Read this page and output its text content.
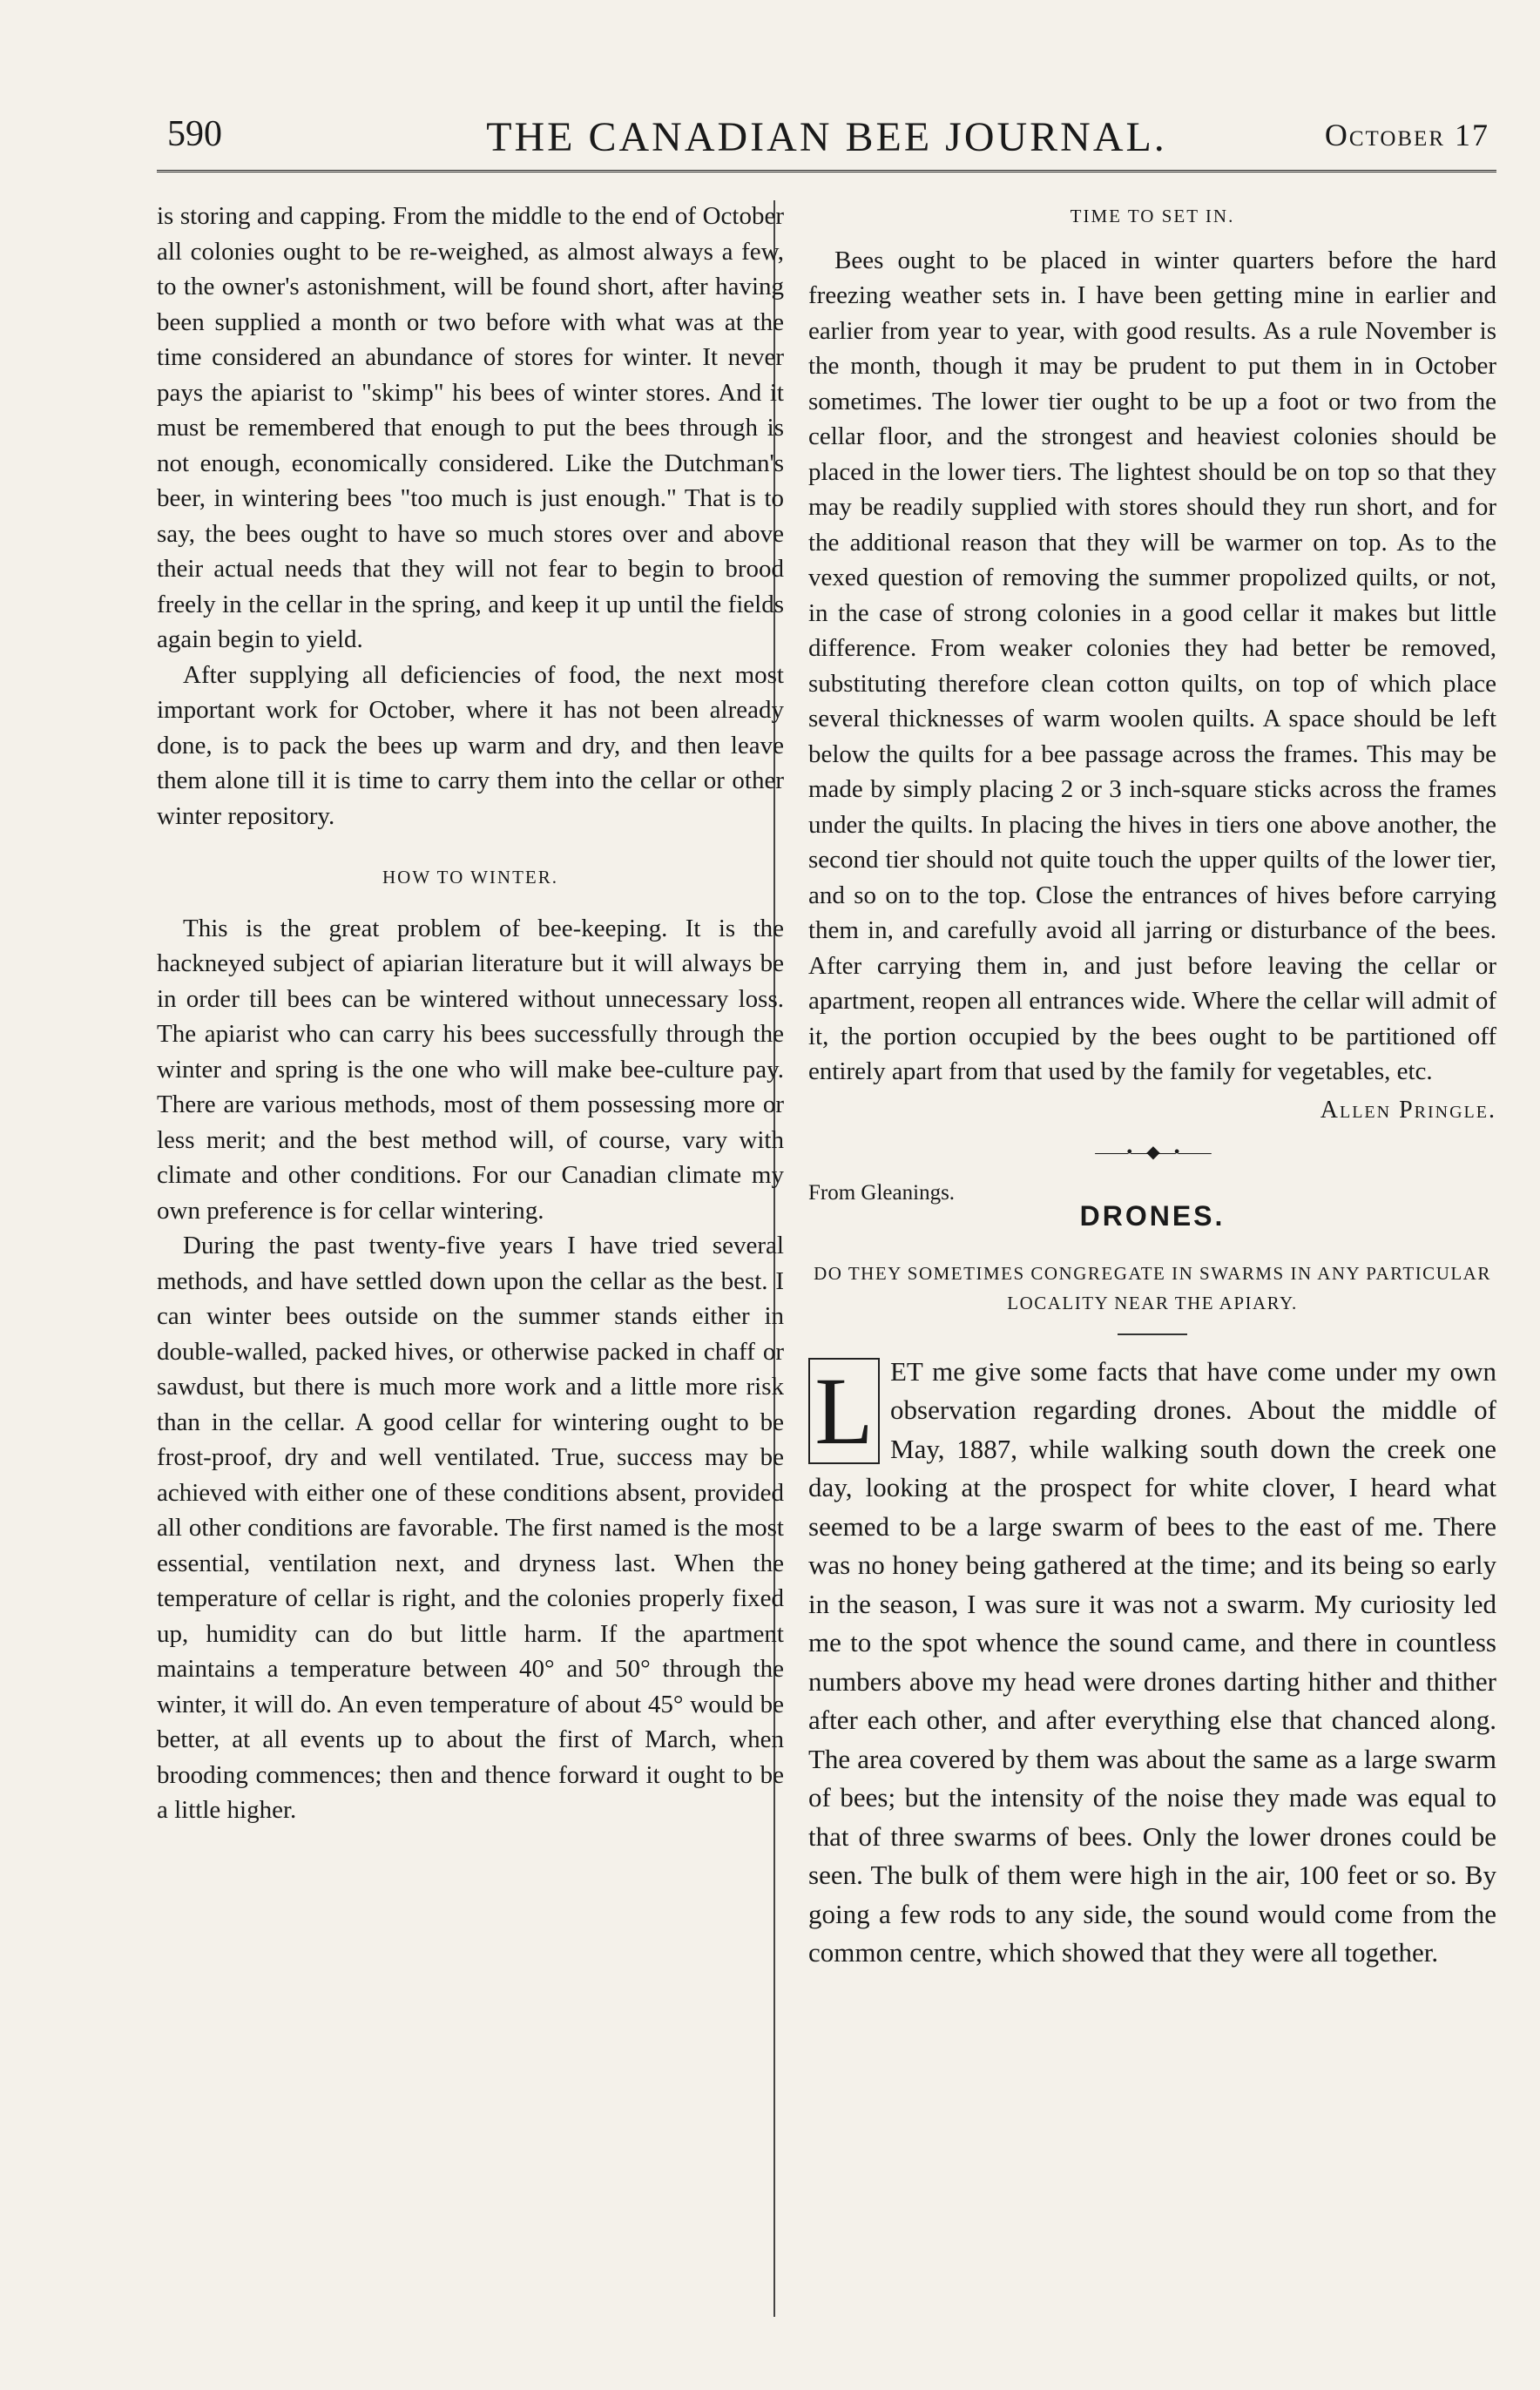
590	THE CANADIAN BEE JOURNAL.	October 17

is storing and capping. From the middle to the end of October all colonies ought to be re-weighed, as almost always a few, to the owner's astonishment, will be found short, after having been supplied a month or two before with what was at the time considered an abundance of stores for winter. It never pays the apiarist to "skimp" his bees of winter stores. And it must be remembered that enough to put the bees through is not enough, economically considered. Like the Dutchman's beer, in wintering bees "too much is just enough." That is to say, the bees ought to have so much stores over and above their actual needs that they will not fear to begin to brood freely in the cellar in the spring, and keep it up until the fields again begin to yield.

After supplying all deficiencies of food, the next most important work for October, where it has not been already done, is to pack the bees up warm and dry, and then leave them alone till it is time to carry them into the cellar or other winter repository.

HOW TO WINTER.

This is the great problem of bee-keeping. It is the hackneyed subject of apiarian literature but it will always be in order till bees can be wintered without unnecessary loss. The apiarist who can carry his bees successfully through the winter and spring is the one who will make bee-culture pay. There are various methods, most of them possessing more or less merit; and the best method will, of course, vary with climate and other conditions. For our Canadian climate my own preference is for cellar wintering.

During the past twenty-five years I have tried several methods, and have settled down upon the cellar as the best. I can winter bees outside on the summer stands either in double-walled, packed hives, or otherwise packed in chaff or sawdust, but there is much more work and a little more risk than in the cellar. A good cellar for wintering ought to be frost-proof, dry and well ventilated. True, success may be achieved with either one of these conditions absent, provided all other conditions are favorable. The first named is the most essential, ventilation next, and dryness last. When the temperature of cellar is right, and the colonies properly fixed up, humidity can do but little harm. If the apartment maintains a temperature between 40° and 50° through the winter, it will do. An even temperature of about 45° would be better, at all events up to about the first of March, when brooding commences; then and thence forward it ought to be a little higher.

TIME TO SET IN.

Bees ought to be placed in winter quarters before the hard freezing weather sets in. I have been getting mine in earlier and earlier from year to year, with good results. As a rule November is the month, though it may be prudent to put them in in October sometimes. The lower tier ought to be up a foot or two from the cellar floor, and the strongest and heaviest colonies should be placed in the lower tiers. The lightest should be on top so that they may be readily supplied with stores should they run short, and for the additional reason that they will be warmer on top. As to the vexed question of removing the summer propolized quilts, or not, in the case of strong colonies in a good cellar it makes but little difference. From weaker colonies they had better be removed, substituting therefore clean cotton quilts, on top of which place several thicknesses of warm woolen quilts. A space should be left below the quilts for a bee passage across the frames. This may be made by simply placing 2 or 3 inch-square sticks across the frames under the quilts. In placing the hives in tiers one above another, the second tier should not quite touch the upper quilts of the lower tier, and so on to the top. Close the entrances of hives before carrying them in, and carefully avoid all jarring or disturbance of the bees. After carrying them in, and just before leaving the cellar or apartment, reopen all entrances wide. Where the cellar will admit of it, the portion occupied by the bees ought to be partitioned off entirely apart from that used by the family for vegetables, etc.

Allen Pringle.
——•—◆—•——
From Gleanings.
DRONES.
DO THEY SOMETIMES CONGREGATE IN SWARMS IN ANY PARTICULAR LOCALITY NEAR THE APIARY.
L ET me give some facts that have come under my own observation regarding drones. About the middle of May, 1887, while walking south down the creek one day, looking at the prospect for white clover, I heard what seemed to be a large swarm of bees to the east of me. There was no honey being gathered at the time; and its being so early in the season, I was sure it was not a swarm. My curiosity led me to the spot whence the sound came, and there in countless numbers above my head were drones darting hither and thither after each other, and after everything else that chanced along. The area covered by them was about the same as a large swarm of bees; but the intensity of the noise they made was equal to that of three swarms of bees. Only the lower drones could be seen. The bulk of them were high in the air, 100 feet or so. By going a few rods to any side, the sound would come from the common centre, which showed that they were all together.
